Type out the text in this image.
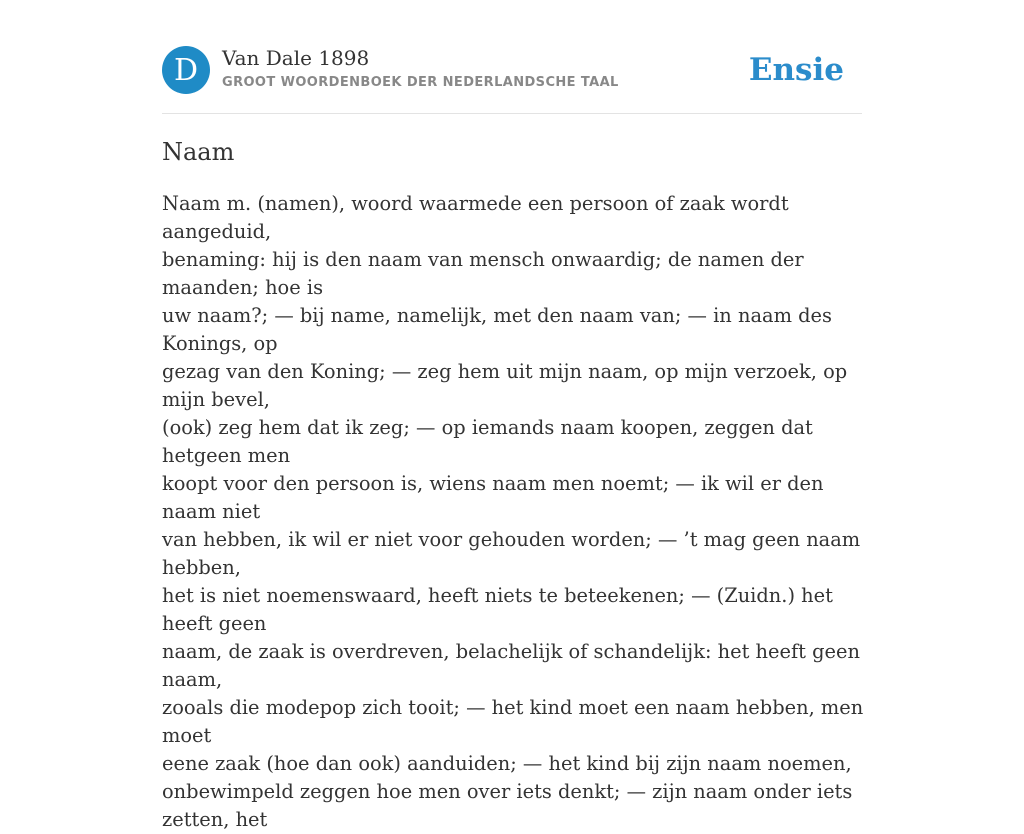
D	Van Dale 1898
GROOT WOORDENBOEK DER NEDERLANDSCHE TAAL	Ensie
Naam
Naam m. (namen), woord waarmede een persoon of zaak wordt aangeduid,
benaming: hij is den naam van mensch onwaardig; de namen der maanden; hoe is
uw naam?; — bij name, namelijk, met den naam van; — in naam des Konings, op
gezag van den Koning; — zeg hem uit mijn naam, op mijn verzoek, op mijn bevel,
(ook) zeg hem dat ik zeg; — op iemands naam koopen, zeggen dat hetgeen men
koopt voor den persoon is, wiens naam men noemt; — ik wil er den naam niet
van hebben, ik wil er niet voor gehouden worden; — ’t mag geen naam hebben,
het is niet noemenswaard, heeft niets te beteekenen; — (Zuidn.) het heeft geen
naam, de zaak is overdreven, belachelijk of schandelijk: het heeft geen naam,
zooals die modepop zich tooit; — het kind moet een naam hebben, men moet
eene zaak (hoe dan ook) aanduiden; — het kind bij zijn naam noemen,
onbewimpeld zeggen hoe men over iets denkt; — zijn naam onder iets zetten, het
